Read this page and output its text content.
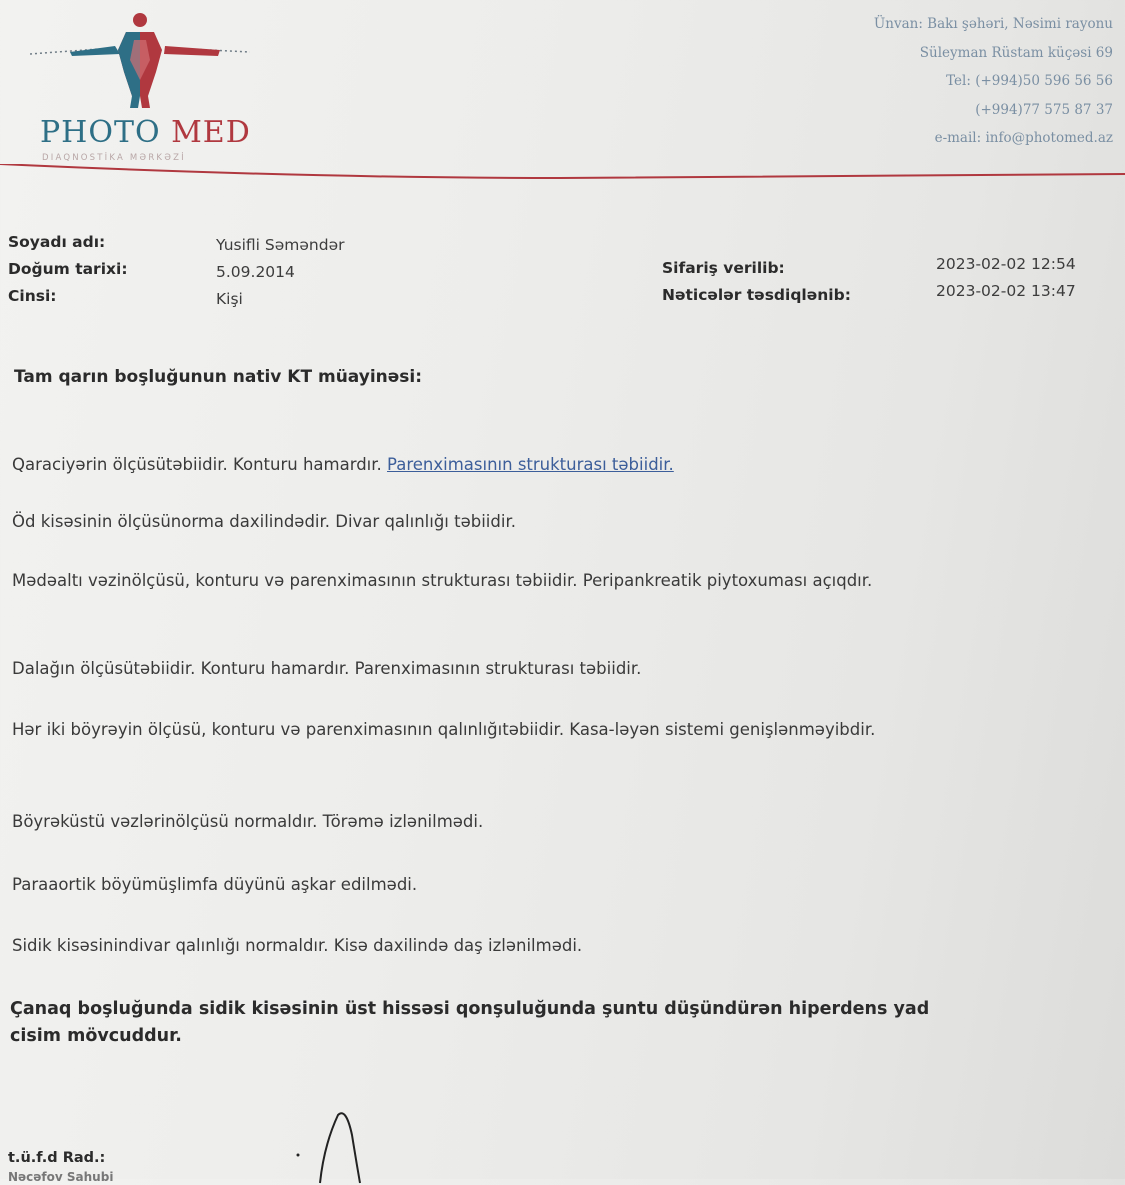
PHOTO MED
DIAQNOSTİKA MƏRKƏZİ
Ünvan: Bakı şəhəri, Nəsimi rayonu
Süleyman Rüstam küçəsi 69
Tel: (+994)50 596 56 56
(+994)77 575 87 37
e-mail: info@photomed.az
Soyadı adı:	Yusifli Səməndər
Doğum tarixi:	5.09.2014
Cinsi:	Kişi
Sifariş verilib:	2023-02-02 12:54
Nəticələr təsdiqlənib:	2023-02-02 13:47
Tam qarın boşluğunun nativ KT müayinəsi:
Qaraciyərin ölçüsütəbiidir. Konturu hamardır. Parenximasının strukturası təbiidir.
Öd kisəsinin ölçüsünorma daxilindədir. Divar qalınlığı təbiidir.
Mədəaltı vəzinölçüsü, konturu və parenximasının strukturası təbiidir. Peripankreatik piytoxuması açıqdır.
Dalağın ölçüsütəbiidir. Konturu hamardır. Parenximasının strukturası təbiidir.
Hər iki böyrəyin ölçüsü, konturu və parenximasının qalınlığıtəbiidir. Kasa-ləyən sistemi genişlənməyibdir.
Böyrəküstü vəzlərinölçüsü normaldır. Törəmə izlənilmədi.
Paraaortik böyümüşlimfa düyünü aşkar edilmədi.
Sidik kisəsinindivar qalınlığı normaldır. Kisə daxilində daş izlənilmədi.
Çanaq boşluğunda sidik kisəsinin üst hissəsi qonşuluğunda şuntu düşündürən hiperdens yad cisim mövcuddur.
t.ü.f.d Rad.:
Nəcəfov Sahubi
